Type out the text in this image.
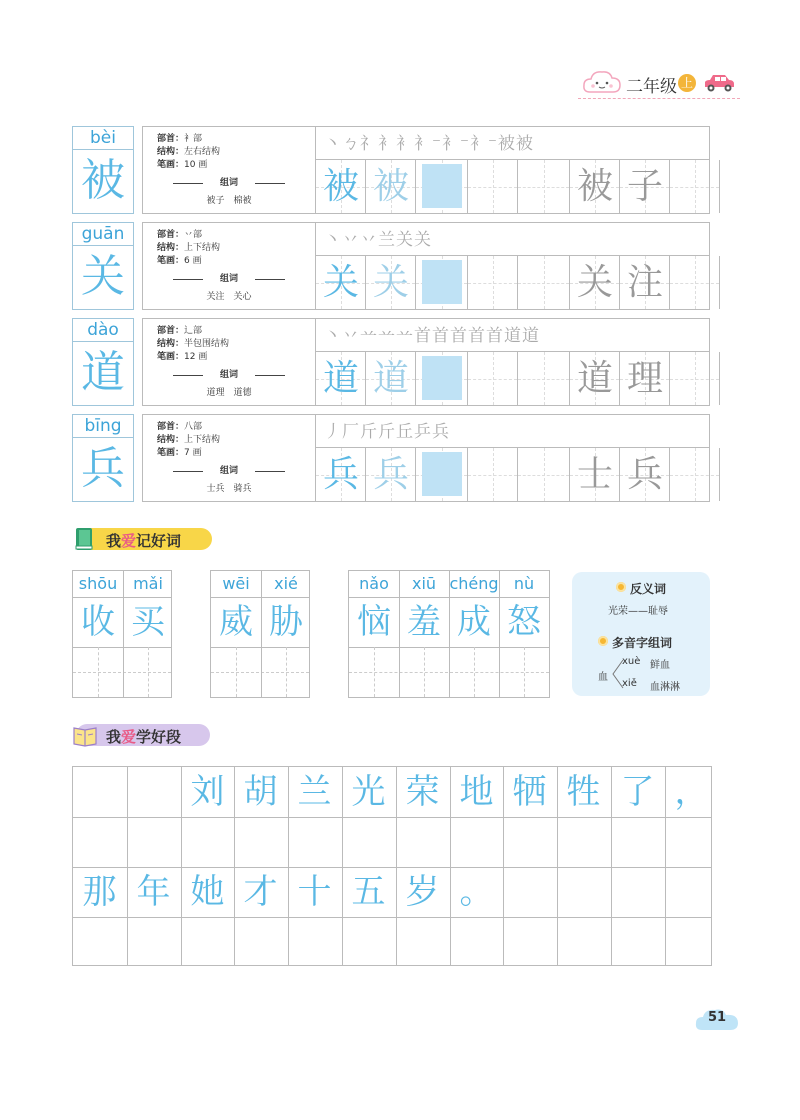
二年级 上
bèi
被
部首：衤部
结构：左右结构
笔画：10 画
组词
被子　棉被
丶ㄅ礻衤衤衤⁻衤⁻衤⁻被被
被 被	被 子
guān
关
部首：丷部
结构：上下结构
笔画：6 画
组词
关注　关心
丶丷丷兰关关
关 关	关 注
dào
道
部首：辶部
结构：半包围结构
笔画：12 画
组词
道理　道德
丶丷䒑䒑䒑首首首首首道道
道 道	道 理
bīng
兵
部首：八部
结构：上下结构
笔画：7 画
组词
士兵　骑兵
丿厂斤斤丘乒兵
兵 兵	士 兵
我爱记好词
shōu mǎi
收 买
wēi	xié
威 胁
nǎo	xiū chéng nù
恼 羞 成 怒
反义词
光荣——耻辱
多音字组词
血
xuè 鲜血
xiě 血淋淋
我爱学好段
刘 胡 兰 光 荣 地 牺 牲 了 ，
那 年 她 才 十 五 岁 。
51
